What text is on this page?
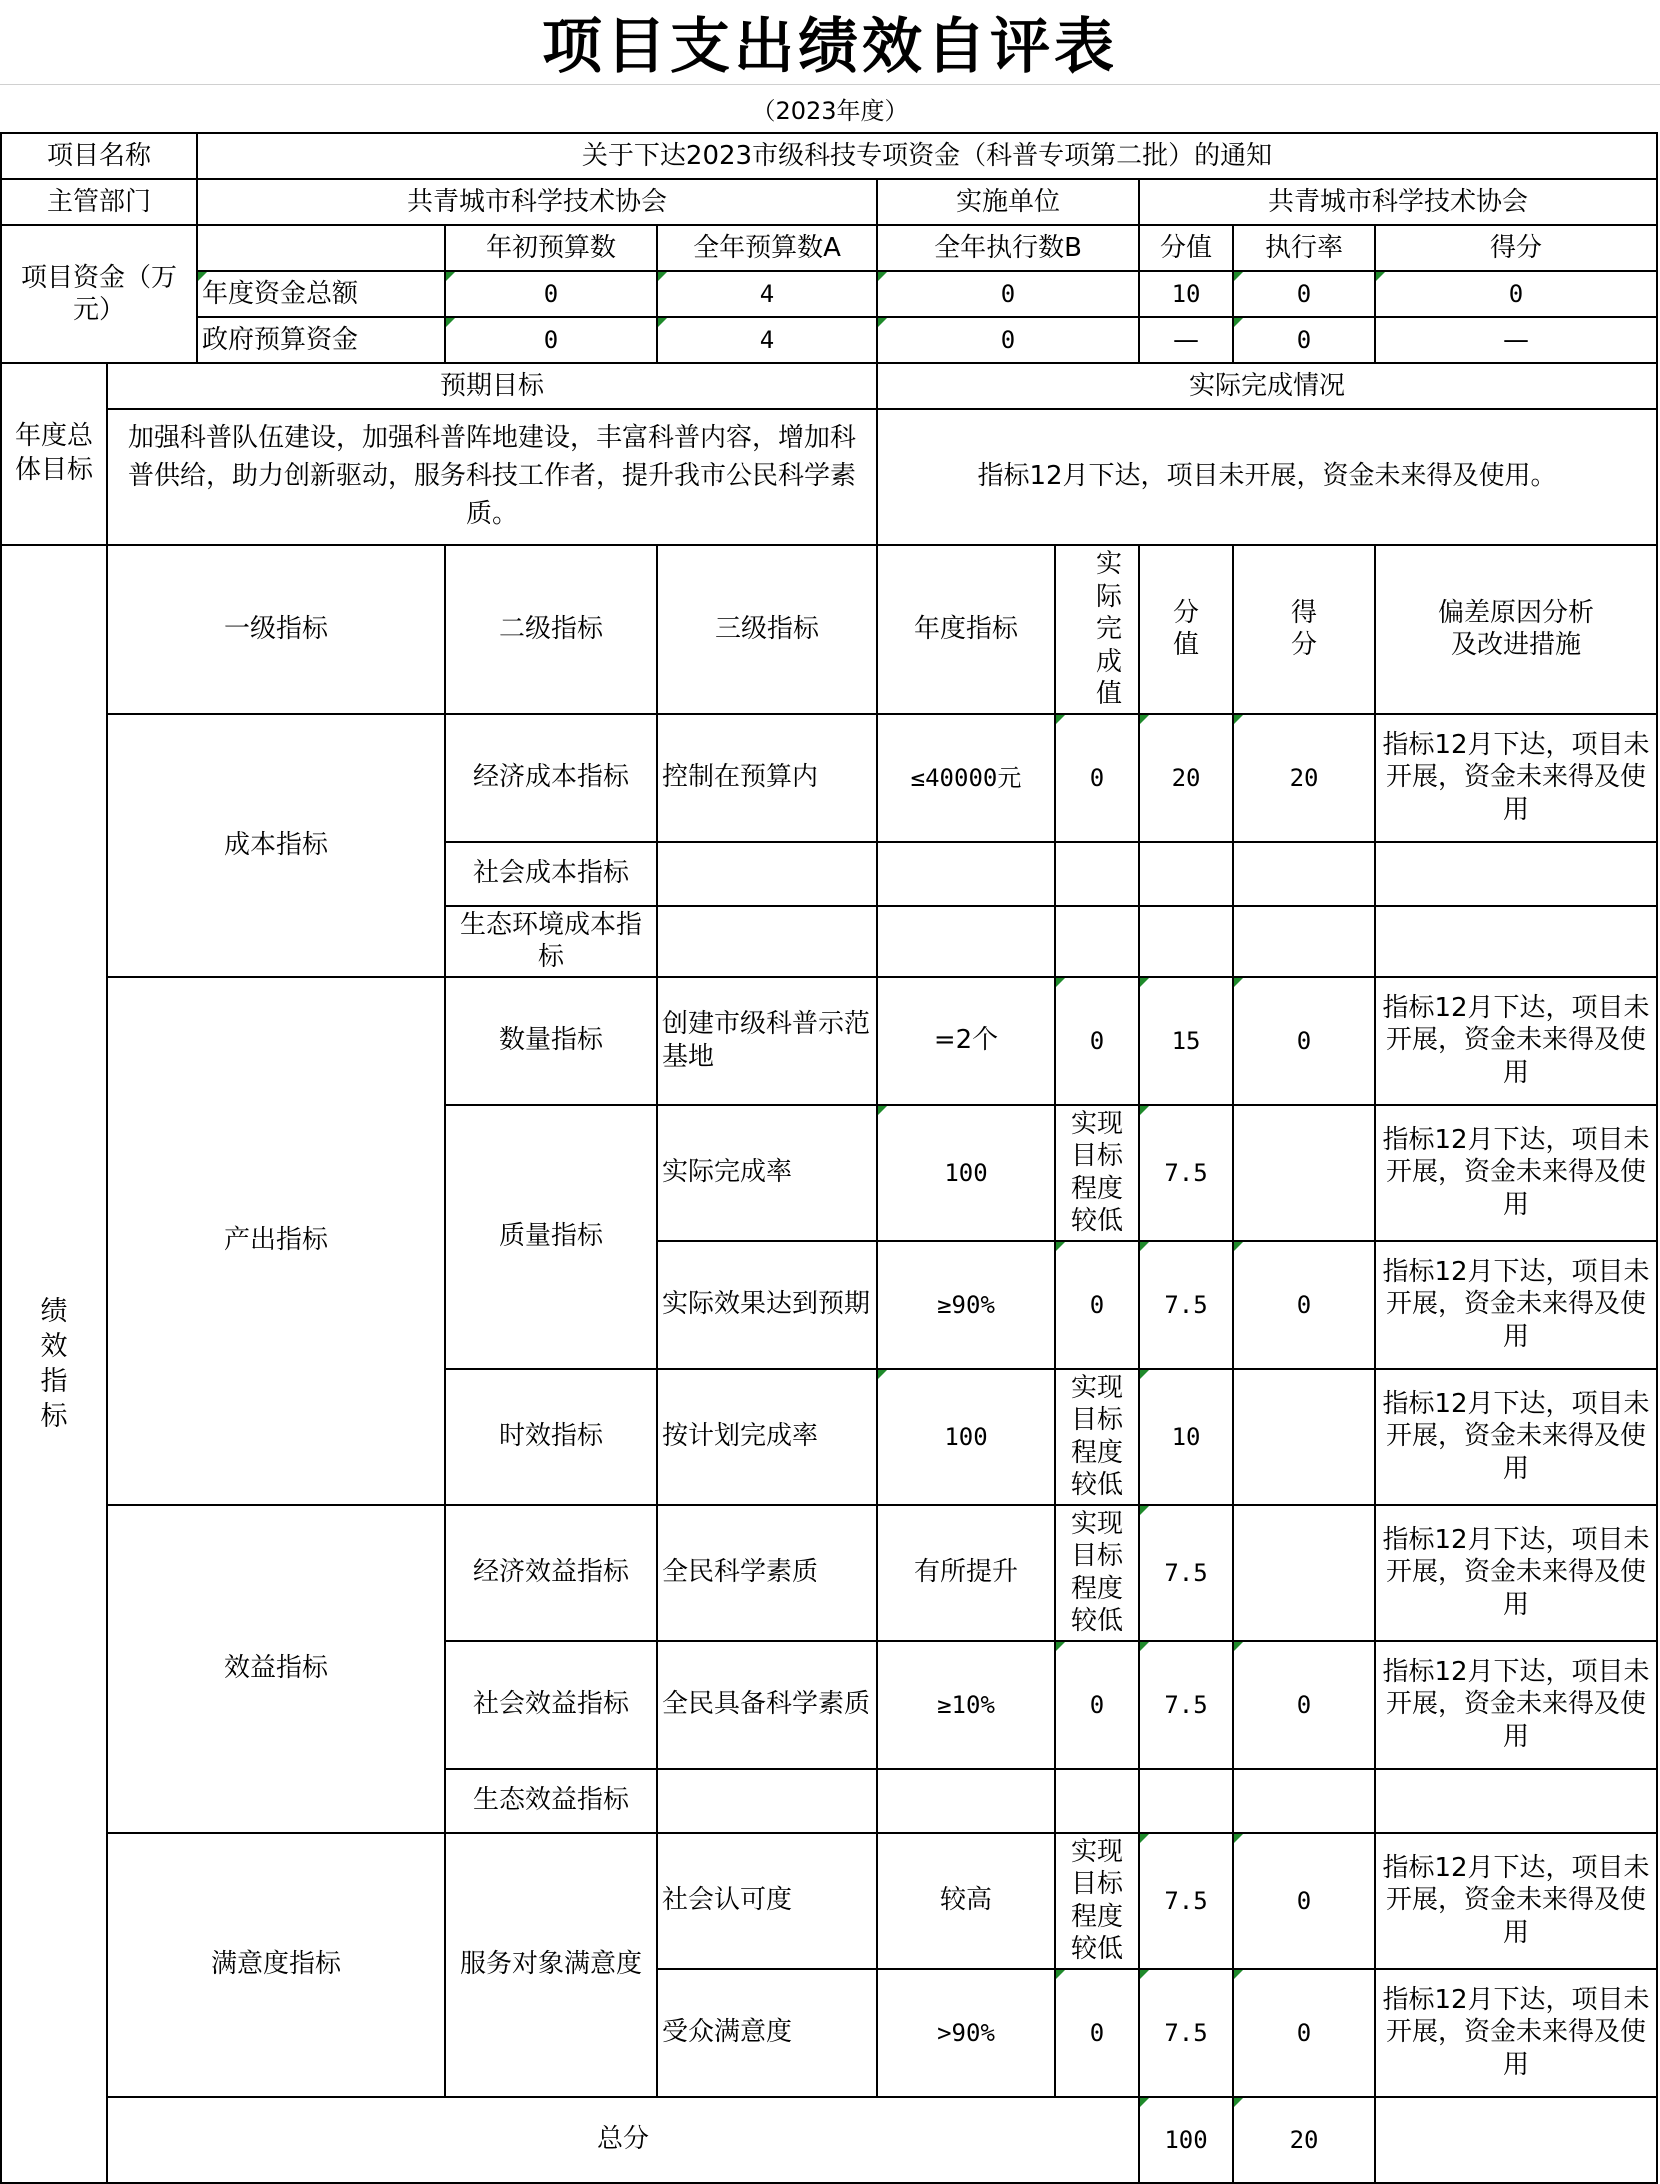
项目支出绩效自评表
（2023年度）
项目名称		关于下达2023市级科技专项资金（科普专项第二批）的通知							
主管部门		共青城市科学技术协会			实施单位		共青城市科学技术协会		
项目资金（万元）			年初预算数	全年预算数A	全年执行数B		分值	执行率	得分
		年度资金总额	0	4	0		10	0	0
		政府预算资金	0	4	0		—	0	—
年度总体目标	预期目标				实际完成情况				
	加强科普队伍建设，加强科普阵地建设，丰富科普内容，增加科普供给，助力创新驱动，服务科技工作者，提升我市公民科学素质。				指标12月下达，项目未开展，资金未来得及使用。				
绩效指标	一级指标		二级指标	三级指标	年度指标	实际完成值	分值	得分	偏差原因分析及改进措施
	成本指标		经济成本指标	控制在预算内	≤40000元	0	20	20	指标12月下达，项目未开展，资金未来得及使用
			社会成本指标						
			生态环境成本指标						
	产出指标		数量指标	创建市级科普示范基地	=2个	0	15	0	指标12月下达，项目未开展，资金未来得及使用
			质量指标	实际完成率	100	实现目标程度较低	7.5		指标12月下达，项目未开展，资金未来得及使用
				实际效果达到预期	≥90%	0	7.5	0	指标12月下达，项目未开展，资金未来得及使用
			时效指标	按计划完成率	100	实现目标程度较低	10		指标12月下达，项目未开展，资金未来得及使用
	效益指标		经济效益指标	全民科学素质	有所提升	实现目标程度较低	7.5		指标12月下达，项目未开展，资金未来得及使用
			社会效益指标	全民具备科学素质	≥10%	0	7.5	0	指标12月下达，项目未开展，资金未来得及使用
			生态效益指标						
	满意度指标		服务对象满意度	社会认可度	较高	实现目标程度较低	7.5	0	指标12月下达，项目未开展，资金未来得及使用
				受众满意度	>90%	0	7.5	0	指标12月下达，项目未开展，资金未来得及使用
	总分						100	20	
